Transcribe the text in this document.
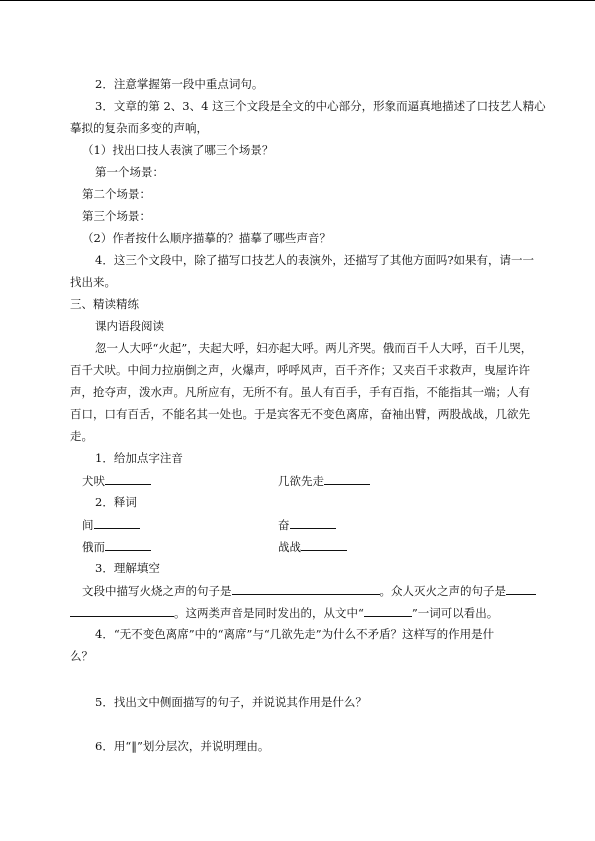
2．注意掌握第一段中重点词句。
3．文章的第 2、3、4 这三个文段是全文的中心部分，形象而逼真地描述了口技艺人精心
摹拟的复杂而多变的声响，
（1）找出口技人表演了哪三个场景？
第一个场景：
第二个场景：
第三个场景：
（2）作者按什么顺序描摹的？描摹了哪些声音？
4．这三个文段中，除了描写口技艺人的表演外，还描写了其他方面吗?如果有，请一一
找出来。
三、精读精练
课内语段阅读
忽一人大呼“火起”，夫起大呼，妇亦起大呼。两儿齐哭。俄而百千人大呼，百千儿哭，
百千犬吠。中间力拉崩倒之声，火爆声，呼呼风声，百千齐作；又夹百千求救声，曳屋许许
声，抢夺声，泼水声。凡所应有，无所不有。虽人有百手，手有百指，不能指其一端；人有
百口，口有百舌，不能名其一处也。于是宾客无不变色离席，奋袖出臂，两股战战，几欲先
走。
1．给加点字注音
犬吠	几欲先走
2．释词
间	奋
俄而	战战
3．理解填空
文段中描写火烧之声的句子是	。众人灭火之声的句子是
。这两类声音是同时发出的，从文中“	”一词可以看出。
4．“无不变色离席”中的“离席”与“几欲先走”为什么不矛盾？这样写的作用是什
么？
5．找出文中侧面描写的句子，并说说其作用是什么？
6．用“‖”划分层次，并说明理由。
